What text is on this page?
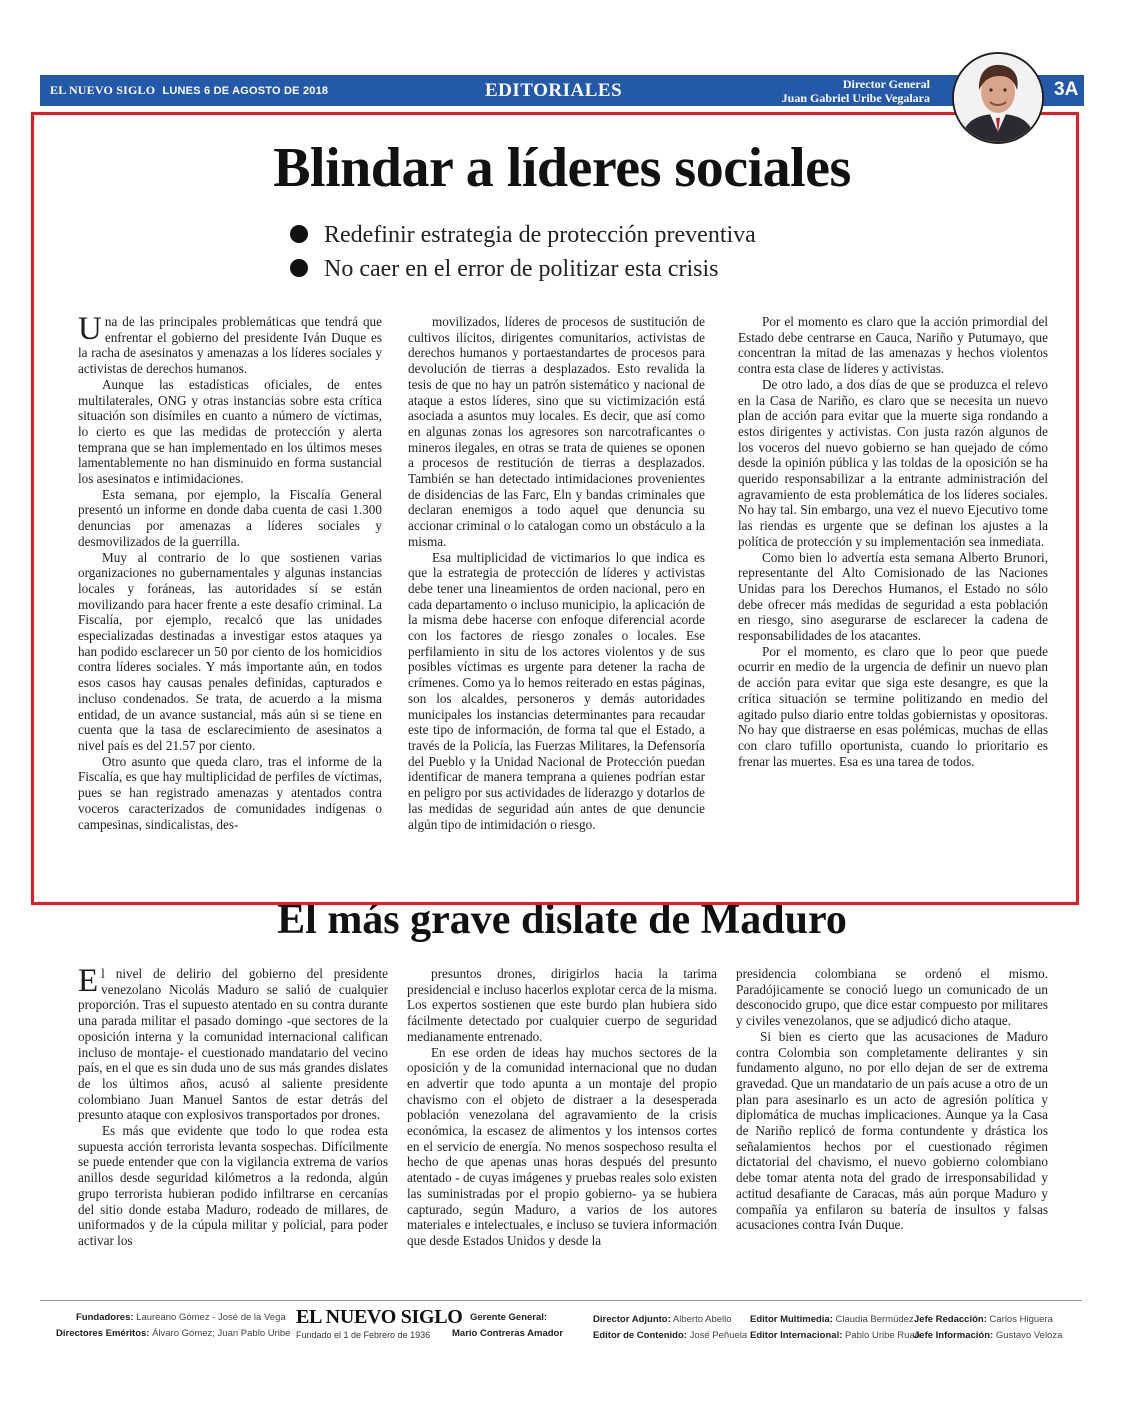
EL NUEVO SIGLO LUNES 6 DE AGOSTO DE 2018	EDITORIALES	Director General
Juan Gabriel Uribe Vegalara	3A
Blindar a líderes sociales
Redefinir estrategia de protección preventiva
No caer en el error de politizar esta crisis

Una de las principales problemáticas que tendrá que enfrentar el gobierno del presidente Iván Duque es la racha de asesinatos y amenazas a los líderes sociales y activistas de derechos humanos.

Aunque las estadísticas oficiales, de entes multilaterales, ONG y otras instancias sobre esta crítica situación son disímiles en cuanto a número de víctimas, lo cierto es que las medidas de protección y alerta temprana que se han implementado en los últimos meses lamentablemente no han disminuido en forma sustancial los asesinatos e intimidaciones.

Esta semana, por ejemplo, la Fiscalía General presentó un informe en donde daba cuenta de casi 1.300 denuncias por amenazas a líderes sociales y desmovilizados de la guerrilla.

Muy al contrario de lo que sostienen varias organizaciones no gubernamentales y algunas instancias locales y foráneas, las autoridades sí se están movilizando para hacer frente a este desafío criminal. La Fiscalía, por ejemplo, recalcó que las unidades especializadas destinadas a investigar estos ataques ya han podido esclarecer un 50 por ciento de los homicidios contra líderes sociales. Y más importante aún, en todos esos casos hay causas penales definidas, capturados e incluso condenados. Se trata, de acuerdo a la misma entidad, de un avance sustancial, más aún si se tiene en cuenta que la tasa de esclarecimiento de asesinatos a nivel país es del 21.57 por ciento.

Otro asunto que queda claro, tras el informe de la Fiscalía, es que hay multiplicidad de perfiles de víctimas, pues se han registrado amenazas y atentados contra voceros caracterizados de comunidades indígenas o campesinas, sindicalistas, des-

movilizados, líderes de procesos de sustitución de cultivos ilícitos, dirigentes comunitarios, activistas de derechos humanos y portaestandartes de procesos para devolución de tierras a desplazados. Esto revalida la tesis de que no hay un patrón sistemático y nacional de ataque a estos líderes, sino que su victimización está asociada a asuntos muy locales. Es decir, que así como en algunas zonas los agresores son narcotraficantes o mineros ilegales, en otras se trata de quienes se oponen a procesos de restitución de tierras a desplazados. También se han detectado intimidaciones provenientes de disidencias de las Farc, Eln y bandas criminales que declaran enemigos a todo aquel que denuncia su accionar criminal o lo catalogan como un obstáculo a la misma.

Esa multiplicidad de victimarios lo que indica es que la estrategia de protección de líderes y activistas debe tener una lineamientos de orden nacional, pero en cada departamento o incluso municipio, la aplicación de la misma debe hacerse con enfoque diferencial acorde con los factores de riesgo zonales o locales. Ese perfilamiento in situ de los actores violentos y de sus posibles víctimas es urgente para detener la racha de crímenes. Como ya lo hemos reiterado en estas páginas, son los alcaldes, personeros y demás autoridades municipales los instancias determinantes para recaudar este tipo de información, de forma tal que el Estado, a través de la Policía, las Fuerzas Militares, la Defensoría del Pueblo y la Unidad Nacional de Protección puedan identificar de manera temprana a quienes podrían estar en peligro por sus actividades de liderazgo y dotarlos de las medidas de seguridad aún antes de que denuncie algún tipo de intimidación o riesgo.

Por el momento es claro que la acción primordial del Estado debe centrarse en Cauca, Nariño y Putumayo, que concentran la mitad de las amenazas y hechos violentos contra esta clase de líderes y activistas.

De otro lado, a dos días de que se produzca el relevo en la Casa de Nariño, es claro que se necesita un nuevo plan de acción para evitar que la muerte siga rondando a estos dirigentes y activistas. Con justa razón algunos de los voceros del nuevo gobierno se han quejado de cómo desde la opinión pública y las toldas de la oposición se ha querido responsabilizar a la entrante administración del agravamiento de esta problemática de los líderes sociales. No hay tal. Sin embargo, una vez el nuevo Ejecutivo tome las riendas es urgente que se definan los ajustes a la política de protección y su implementación sea inmediata.

Como bien lo advertía esta semana Alberto Brunori, representante del Alto Comisionado de las Naciones Unidas para los Derechos Humanos, el Estado no sólo debe ofrecer más medidas de seguridad a esta población en riesgo, sino asegurarse de esclarecer la cadena de responsabilidades de los atacantes.

Por el momento, es claro que lo peor que puede ocurrir en medio de la urgencia de definir un nuevo plan de acción para evitar que siga este desangre, es que la crítica situación se termine politizando en medio del agitado pulso diario entre toldas gobiernistas y opositoras. No hay que distraerse en esas polémicas, muchas de ellas con claro tufillo oportunista, cuando lo prioritario es frenar las muertes. Esa es una tarea de todos.

El más grave dislate de Maduro

El nivel de delirio del gobierno del presidente venezolano Nicolás Maduro se salió de cualquier proporción. Tras el supuesto atentado en su contra durante una parada militar el pasado domingo -que sectores de la oposición interna y la comunidad internacional califican incluso de montaje- el cuestionado mandatario del vecino país, en el que es sin duda uno de sus más grandes dislates de los últimos años, acusó al saliente presidente colombiano Juan Manuel Santos de estar detrás del presunto ataque con explosivos transportados por drones.

Es más que evidente que todo lo que rodea esta supuesta acción terrorista levanta sospechas. Difícilmente se puede entender que con la vigilancia extrema de varios anillos desde seguridad kilómetros a la redonda, algún grupo terrorista hubieran podido infiltrarse en cercanías del sitio donde estaba Maduro, rodeado de millares, de uniformados y de la cúpula militar y policial, para poder activar los

presuntos drones, dirigirlos hacia la tarima presidencial e incluso hacerlos explotar cerca de la misma. Los expertos sostienen que este burdo plan hubiera sido fácilmente detectado por cualquier cuerpo de seguridad medianamente entrenado.

En ese orden de ideas hay muchos sectores de la oposición y de la comunidad internacional que no dudan en advertir que todo apunta a un montaje del propio chavismo con el objeto de distraer a la desesperada población venezolana del agravamiento de la crisis económica, la escasez de alimentos y los intensos cortes en el servicio de energía. No menos sospechoso resulta el hecho de que apenas unas horas después del presunto atentado - de cuyas imágenes y pruebas reales solo existen las suministradas por el propio gobierno- ya se hubiera capturado, según Maduro, a varios de los autores materiales e intelectuales, e incluso se tuviera información que desde Estados Unidos y desde la

presidencia colombiana se ordenó el mismo. Paradójicamente se conoció luego un comunicado de un desconocido grupo, que dice estar compuesto por militares y civiles venezolanos, que se adjudicó dicho ataque.

Si bien es cierto que las acusaciones de Maduro contra Colombia son completamente delirantes y sin fundamento alguno, no por ello dejan de ser de extrema gravedad. Que un mandatario de un país acuse a otro de un plan para asesinarlo es un acto de agresión política y diplomática de muchas implicaciones. Aunque ya la Casa de Nariño replicó de forma contundente y drástica los señalamientos hechos por el cuestionado régimen dictatorial del chavismo, el nuevo gobierno colombiano debe tomar atenta nota del grado de irresponsabilidad y actitud desafiante de Caracas, más aún porque Maduro y compañía ya enfilaron su batería de insultos y falsas acusaciones contra Iván Duque.

Fundadores: Laureano Gómez - José de la Vega
Directores Eméritos: Álvaro Gómez; Juan Pablo Uribe
EL NUEVO SIGLO
Fundado el 1 de Febrero de 1936
Gerente General:
Mario Contreras Amador
Director Adjunto: Alberto Abello
Editor de Contenido: José Peñuela
Editor Multimedia: Claudia Bermúdez
Editor Internacional: Pablo Uribe Ruan
Jefe Redacción: Carlos Higuera
Jefe Información: Gustavo Veloza
